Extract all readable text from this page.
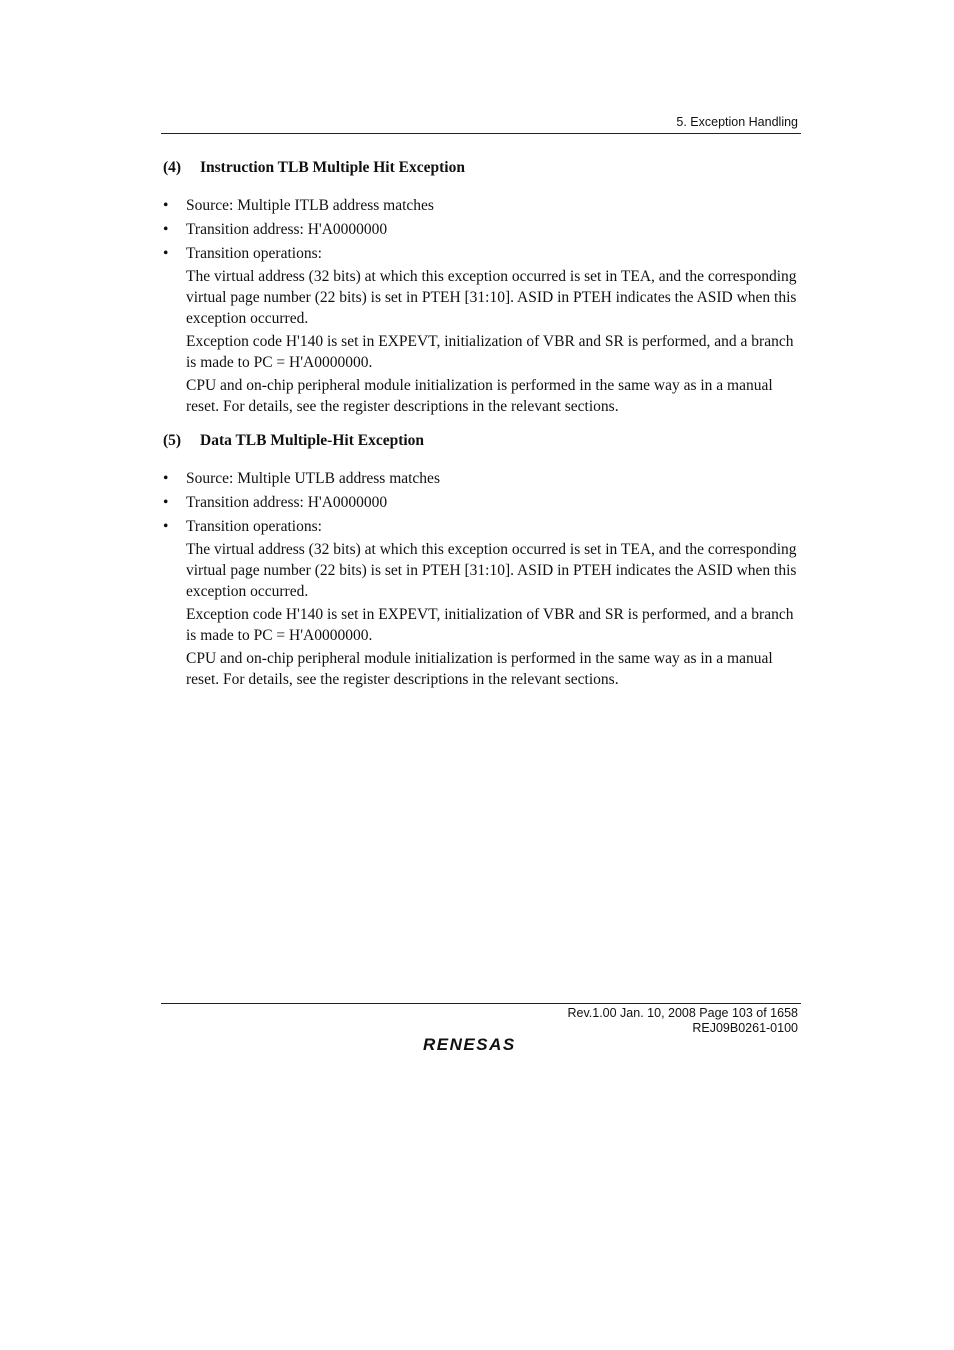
5. Exception Handling
(4)	Instruction TLB Multiple Hit Exception
• Source: Multiple ITLB address matches
• Transition address: H'A0000000
• Transition operations:

The virtual address (32 bits) at which this exception occurred is set in TEA, and the corresponding virtual page number (22 bits) is set in PTEH [31:10]. ASID in PTEH indicates the ASID when this exception occurred.

Exception code H'140 is set in EXPEVT, initialization of VBR and SR is performed, and a branch is made to PC = H'A0000000.

CPU and on-chip peripheral module initialization is performed in the same way as in a manual reset. For details, see the register descriptions in the relevant sections.

(5)	Data TLB Multiple-Hit Exception
• Source: Multiple UTLB address matches
• Transition address: H'A0000000
• Transition operations:

The virtual address (32 bits) at which this exception occurred is set in TEA, and the corresponding virtual page number (22 bits) is set in PTEH [31:10]. ASID in PTEH indicates the ASID when this exception occurred.

Exception code H'140 is set in EXPEVT, initialization of VBR and SR is performed, and a branch is made to PC = H'A0000000.

CPU and on-chip peripheral module initialization is performed in the same way as in a manual reset. For details, see the register descriptions in the relevant sections.

Rev.1.00 Jan. 10, 2008 Page 103 of 1658
REJ09B0261-0100
RENESAS
